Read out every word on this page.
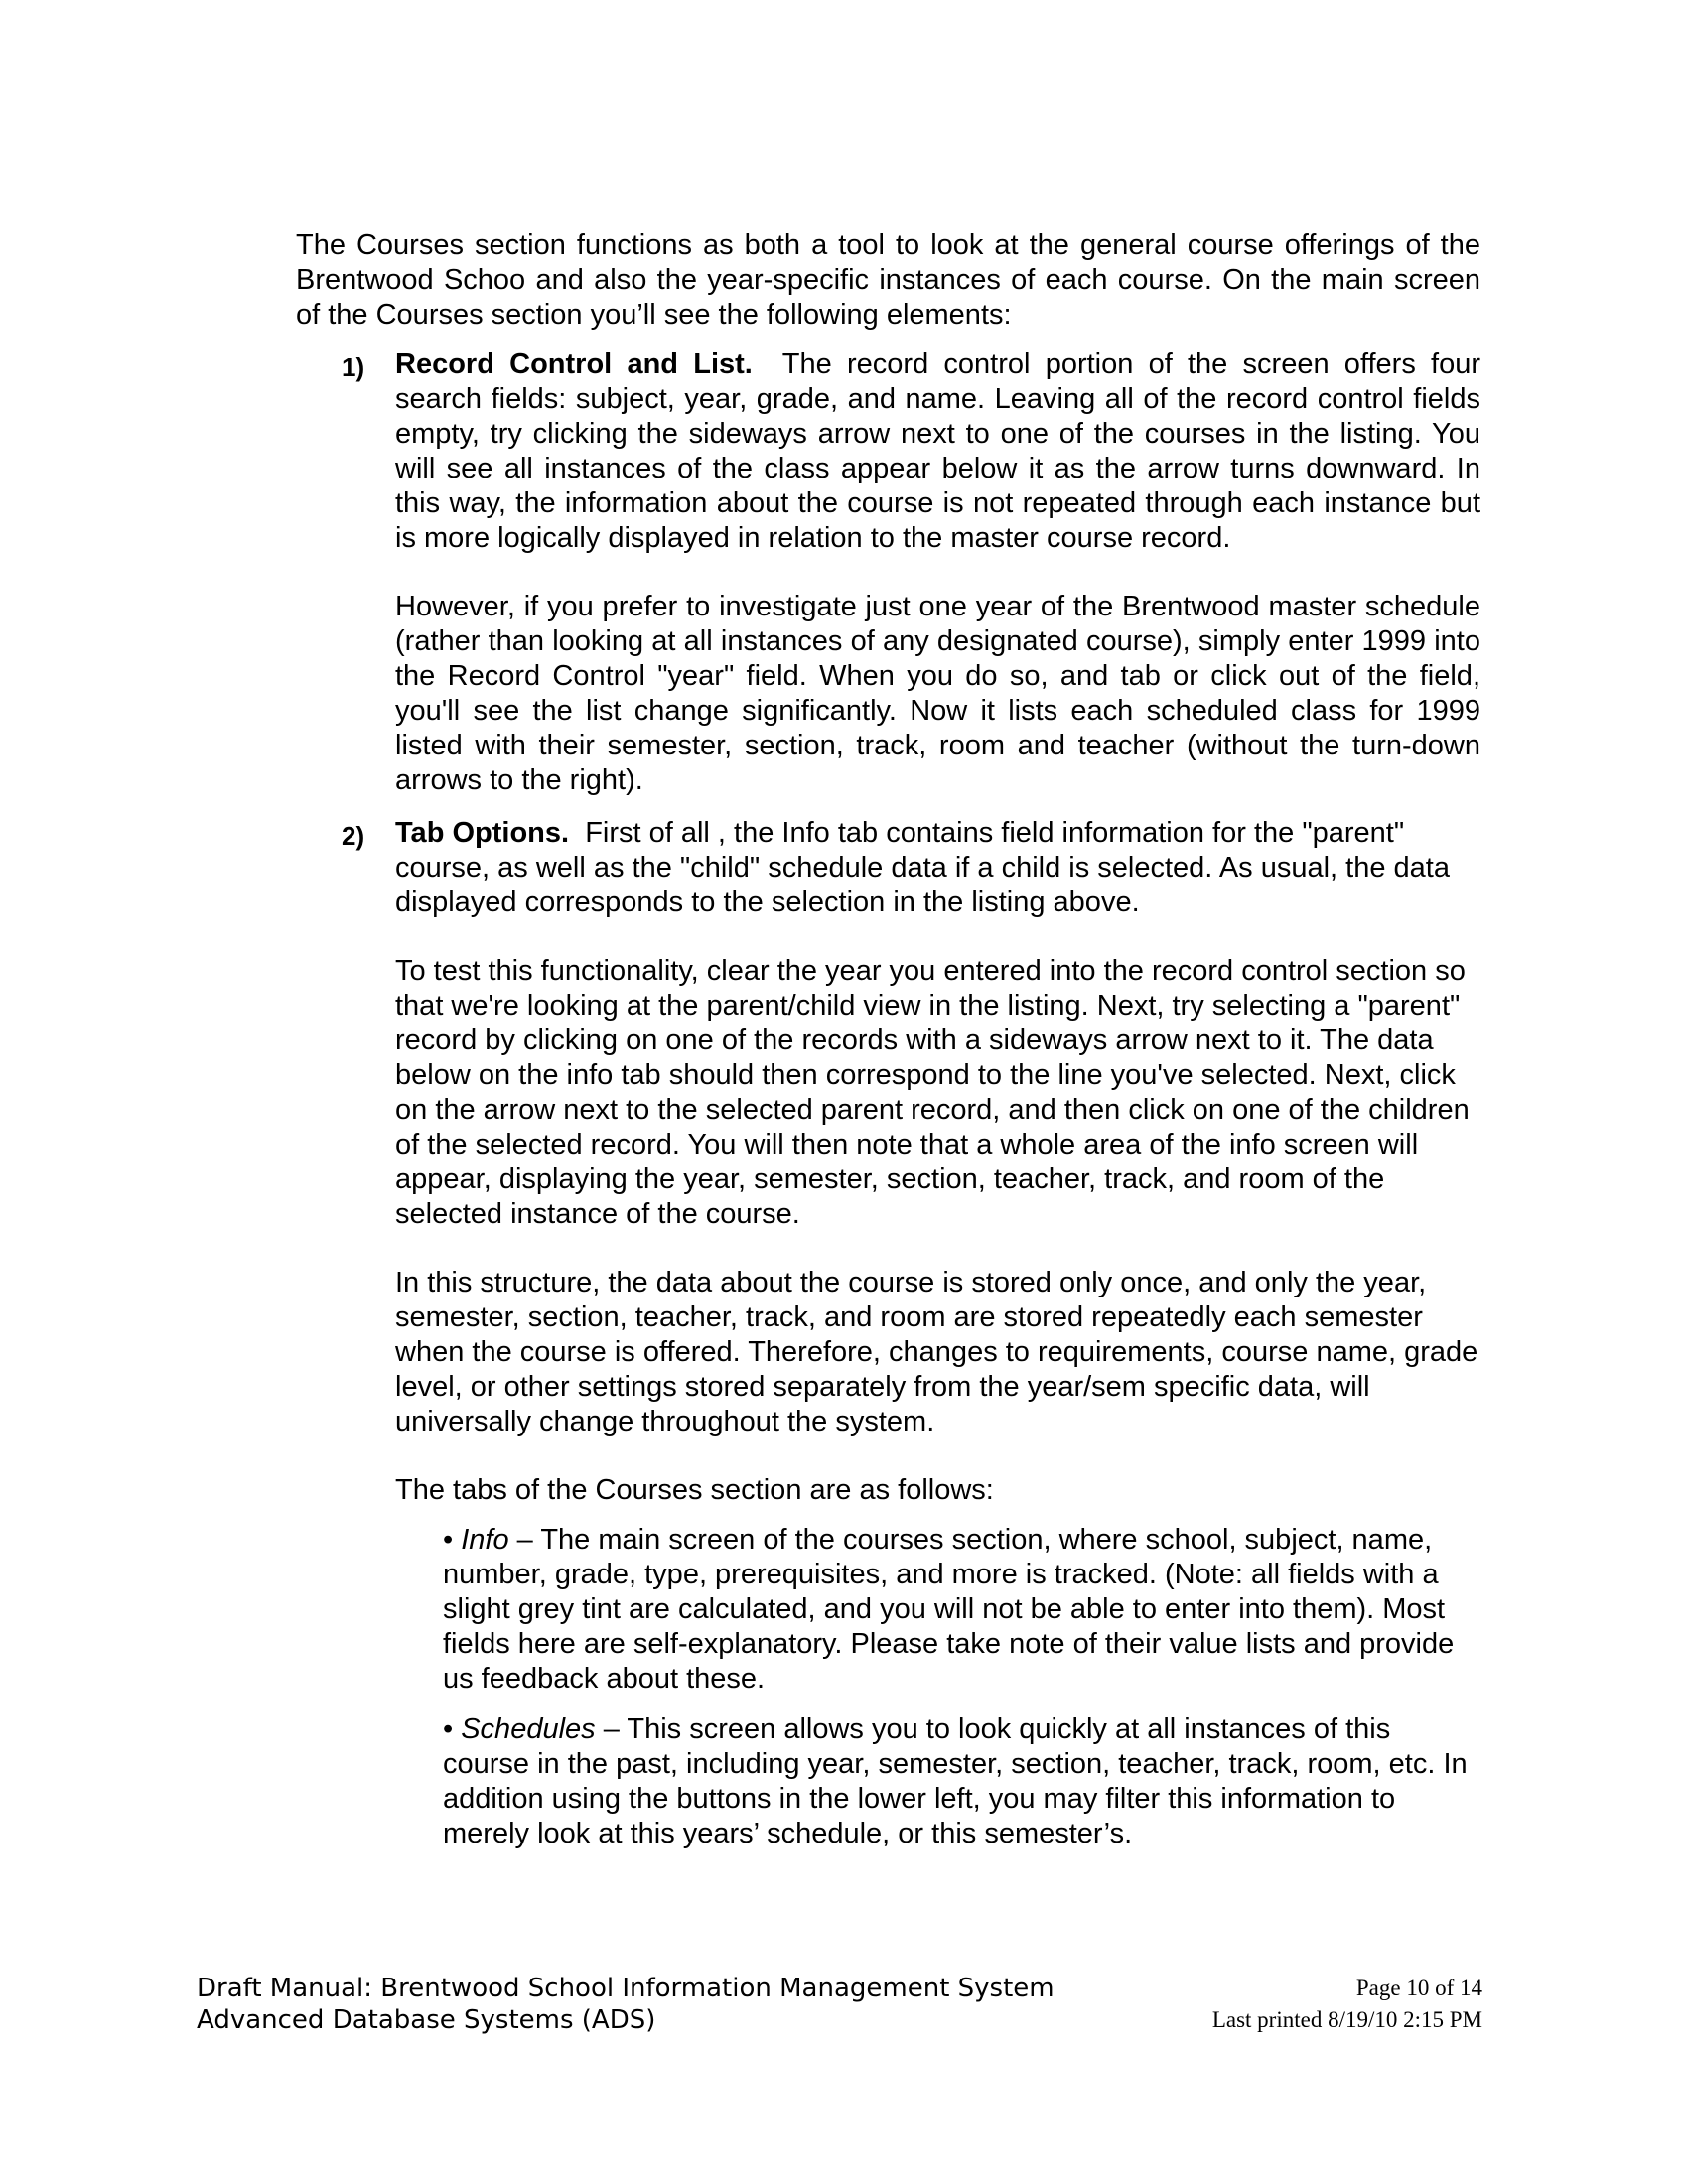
The Courses section functions as both a tool to look at the general course offerings of the Brentwood Schoo and also the year-specific instances of each course. On the main screen of the Courses section you’ll see the following elements:

1) Record Control and List. The record control portion of the screen offers four search fields: subject, year, grade, and name. Leaving all of the record control fields empty, try clicking the sideways arrow next to one of the courses in the listing. You will see all instances of the class appear below it as the arrow turns downward. In this way, the information about the course is not repeated through each instance but is more logically displayed in relation to the master course record.

However, if you prefer to investigate just one year of the Brentwood master schedule (rather than looking at all instances of any designated course), simply enter 1999 into the Record Control "year" field. When you do so, and tab or click out of the field, you'll see the list change significantly. Now it lists each scheduled class for 1999 listed with their semester, section, track, room and teacher (without the turn-down arrows to the right).

2) Tab Options. First of all , the Info tab contains field information for the "parent" course, as well as the "child" schedule data if a child is selected. As usual, the data displayed corresponds to the selection in the listing above.

To test this functionality, clear the year you entered into the record control section so that we're looking at the parent/child view in the listing. Next, try selecting a "parent" record by clicking on one of the records with a sideways arrow next to it. The data below on the info tab should then correspond to the line you've selected. Next, click on the arrow next to the selected parent record, and then click on one of the children of the selected record. You will then note that a whole area of the info screen will appear, displaying the year, semester, section, teacher, track, and room of the selected instance of the course.

In this structure, the data about the course is stored only once, and only the year, semester, section, teacher, track, and room are stored repeatedly each semester when the course is offered. Therefore, changes to requirements, course name, grade level, or other settings stored separately from the year/sem specific data, will universally change throughout the system.

The tabs of the Courses section are as follows:

• Info – The main screen of the courses section, where school, subject, name, number, grade, type, prerequisites, and more is tracked. (Note: all fields with a slight grey tint are calculated, and you will not be able to enter into them). Most fields here are self-explanatory. Please take note of their value lists and provide us feedback about these.

• Schedules – This screen allows you to look quickly at all instances of this course in the past, including year, semester, section, teacher, track, room, etc. In addition using the buttons in the lower left, you may filter this information to merely look at this years’ schedule, or this semester’s.

Draft Manual: Brentwood School Information Management System
Advanced Database Systems (ADS)
Page 10 of 14
Last printed 8/19/10 2:15 PM
